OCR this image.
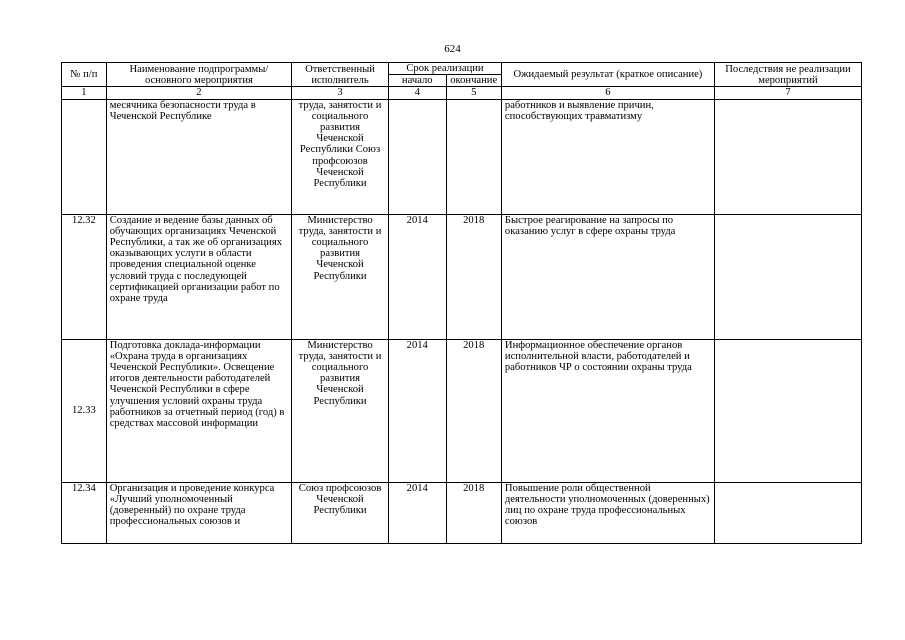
624
№ п/п	Наименование подпрограммы/ основного мероприятия	Ответственный исполнитель	Срок реализации		Ожидаемый результат (краткое описание)	Последствия не реализации мероприятий
			начало	окончание		
1	2	3	4	5	6	7
	месячника безопасности труда в Чеченской Республике	труда, занятости и социального развития Чеченской Республики Союз профсоюзов Чеченской Республики			работников и выявление причин, способствующих травматизму	
12.32	Создание и ведение базы данных об обучающих организациях Чеченской Республики, а так же об организациях оказывающих услуги в области проведения специальной оценке условий труда с последующей сертификацией организации работ по охране труда	Министерство труда, занятости и социального развития Чеченской Республики	2014	2018	Быстрое реагирование на запросы по оказанию услуг в сфере охраны труда	
12.33	Подготовка доклада-информации «Охрана труда в организациях Чеченской Республики». Освещение итогов деятельности работодателей Чеченской Республики в сфере улучшения условий охраны труда работников за отчетный период (год) в средствах массовой информации	Министерство труда, занятости и социального развития Чеченской Республики	2014	2018	Информационное обеспечение органов исполнительной власти, работодателей и работников ЧР о состоянии охраны труда	
12.34	Организация и проведение конкурса «Лучший уполномоченный (доверенный) по охране труда профессиональных союзов и	Союз профсоюзов Чеченской Республики	2014	2018	Повышение роли общественной деятельности уполномоченных (доверенных) лиц по охране труда профессиональных союзов	
